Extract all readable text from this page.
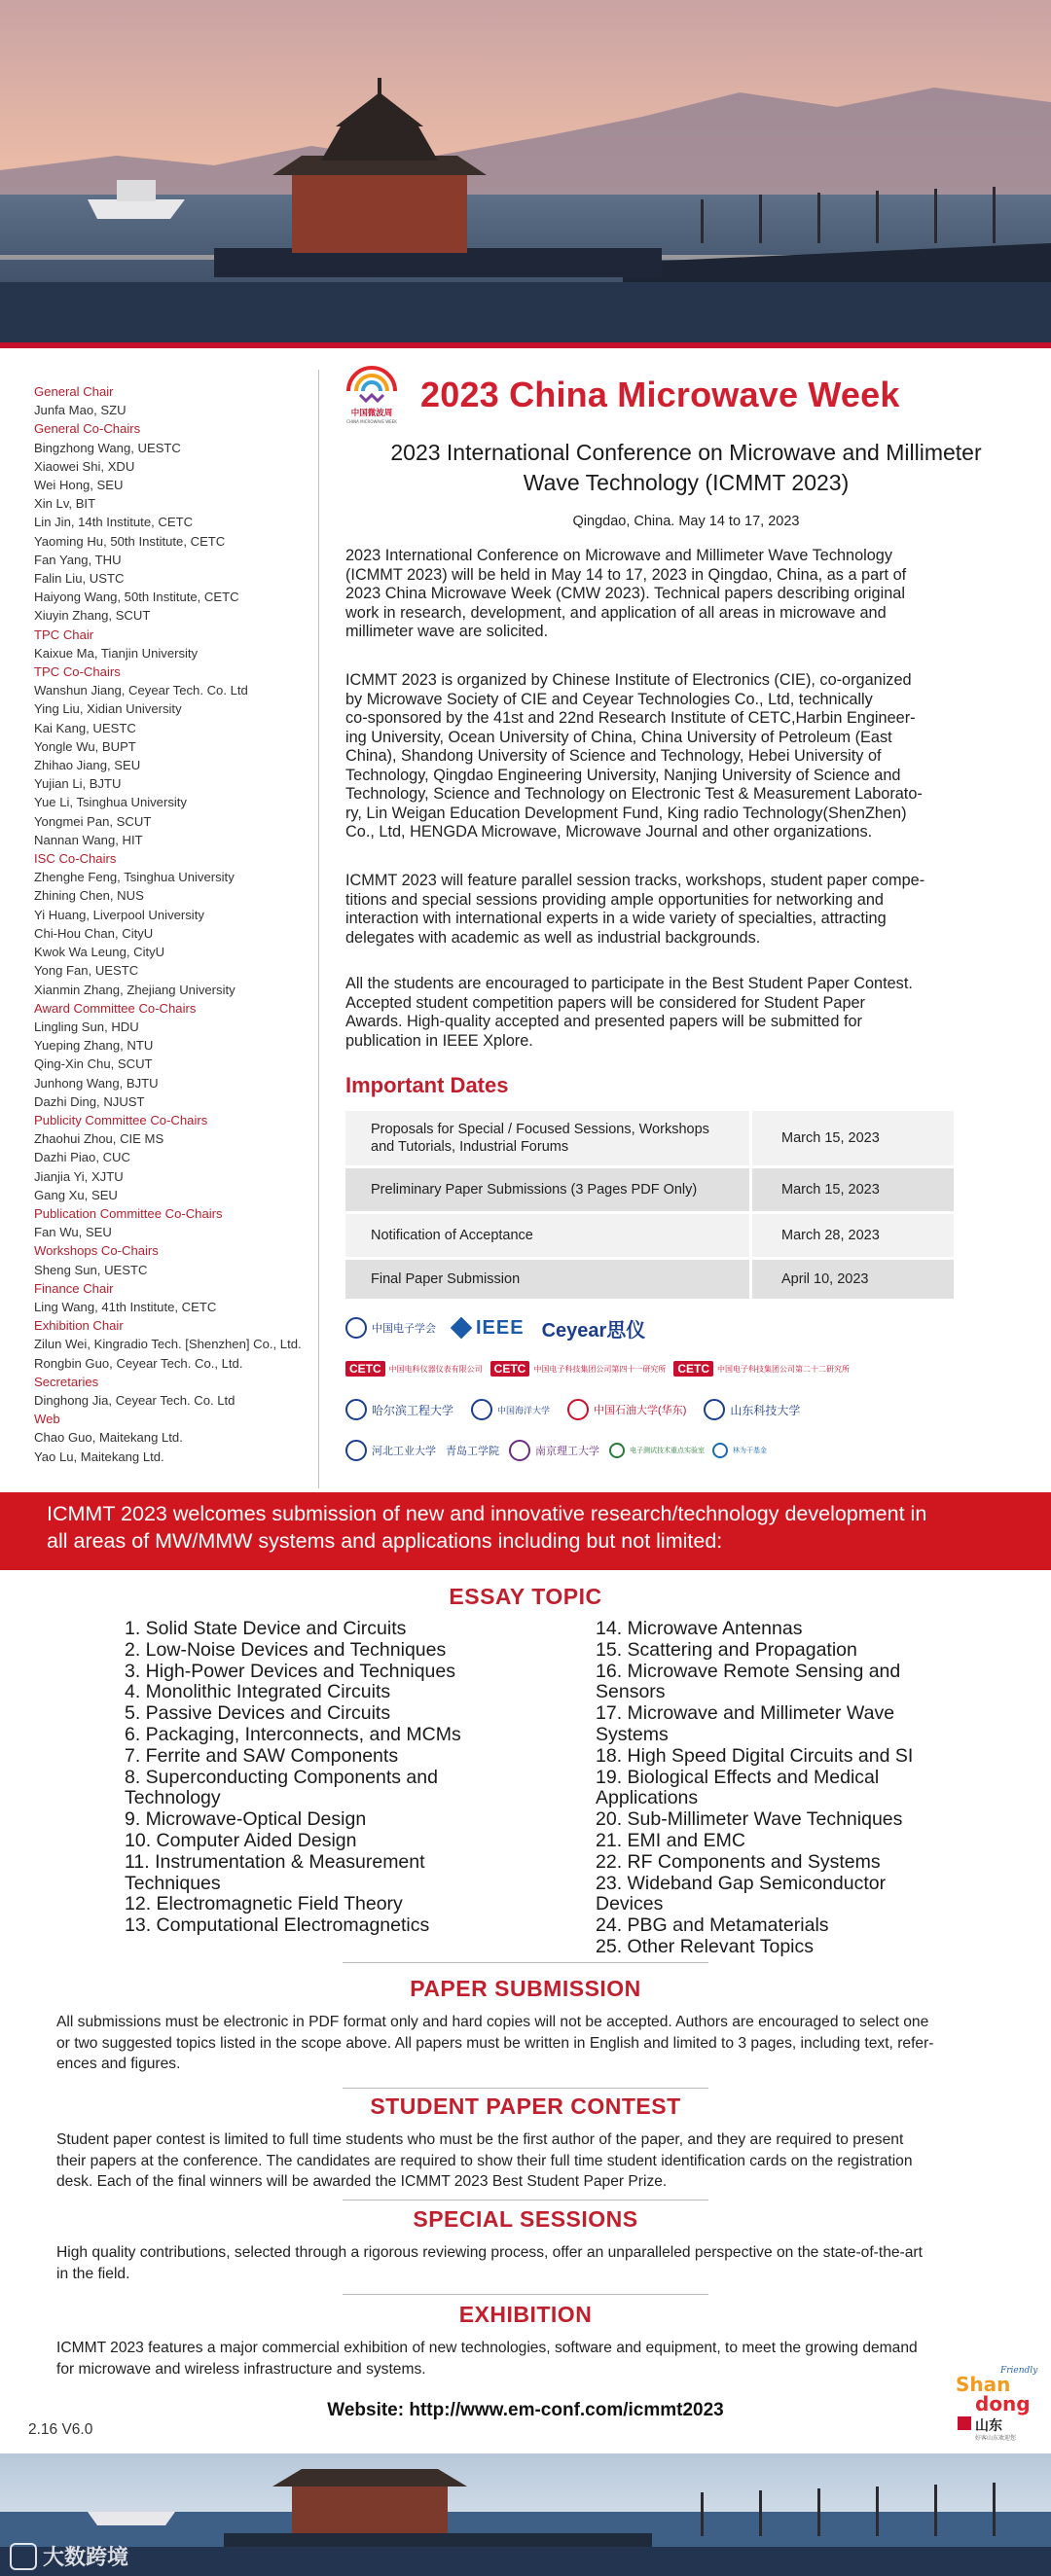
General Chair
Junfa Mao, SZU
General Co-Chairs
Bingzhong Wang, UESTC
Xiaowei Shi, XDU
Wei Hong, SEU
Xin Lv, BIT
Lin Jin, 14th Institute, CETC
Yaoming Hu, 50th Institute, CETC
Fan Yang, THU
Falin Liu, USTC
Haiyong Wang, 50th Institute, CETC
Xiuyin Zhang, SCUT
TPC Chair
Kaixue Ma, Tianjin University
TPC Co-Chairs
Wanshun Jiang, Ceyear Tech. Co. Ltd
Ying Liu, Xidian University
Kai Kang, UESTC
Yongle Wu, BUPT
Zhihao Jiang, SEU
Yujian Li, BJTU
Yue Li, Tsinghua University
Yongmei Pan, SCUT
Nannan Wang, HIT
ISC Co-Chairs
Zhenghe Feng, Tsinghua University
Zhining Chen, NUS
Yi Huang, Liverpool University
Chi-Hou Chan, CityU
Kwok Wa Leung, CityU
Yong Fan, UESTC
Xianmin Zhang, Zhejiang University
Award Committee Co-Chairs
Lingling Sun, HDU
Yueping Zhang, NTU
Qing-Xin Chu, SCUT
Junhong Wang, BJTU
Dazhi Ding, NJUST
Publicity Committee Co-Chairs
Zhaohui Zhou, CIE MS
Dazhi Piao, CUC
Jianjia Yi, XJTU
Gang Xu, SEU
Publication Committee Co-Chairs
Fan Wu, SEU
Workshops Co-Chairs
Sheng Sun, UESTC
Finance Chair
Ling Wang, 41th Institute, CETC
Exhibition Chair
Zilun Wei, Kingradio Tech. [Shenzhen] Co., Ltd.
Rongbin Guo, Ceyear Tech. Co., Ltd.
Secretaries
Dinghong Jia, Ceyear Tech. Co. Ltd
Web
Chao Guo, Maitekang Ltd.
Yao Lu, Maitekang Ltd.
中国微波周
CHINA MICROWAVE WEEK
2023 China Microwave Week
2023 International Conference on Microwave and Millimeter
Wave Technology (ICMMT 2023)
Qingdao, China. May 14 to 17, 2023
2023 International Conference on Microwave and Millimeter Wave Technology
(ICMMT 2023) will be held in May 14 to 17, 2023 in Qingdao, China, as a part of
2023 China Microwave Week (CMW 2023). Technical papers describing original
work in research, development, and application of all areas in microwave and
millimeter wave are solicited.
ICMMT 2023 is organized by Chinese Institute of Electronics (CIE), co-organized
by Microwave Society of CIE and Ceyear Technologies Co., Ltd, technically
co-sponsored by the 41st and 22nd Research Institute of CETC,Harbin Engineer-
ing University, Ocean University of China, China University of Petroleum (East
China), Shandong University of Science and Technology, Hebei University of
Technology, Qingdao Engineering University, Nanjing University of Science and
Technology, Science and Technology on Electronic Test & Measurement Laborato-
ry, Lin Weigan Education Development Fund, King radio Technology(ShenZhen)
Co., Ltd, HENGDA Microwave, Microwave Journal and other organizations.
ICMMT 2023 will feature parallel session tracks, workshops, student paper compe-
titions and special sessions providing ample opportunities for networking and
interaction with international experts in a wide variety of specialties, attracting
delegates with academic as well as industrial backgrounds.
All the students are encouraged to participate in the Best Student Paper Contest.
Accepted student competition papers will be considered for Student Paper
Awards. High-quality accepted and presented papers will be submitted for
publication in IEEE Xplore.
Important Dates
Proposals for Special / Focused Sessions, Workshops
and Tutorials, Industrial Forums
March 15, 2023
Preliminary Paper Submissions (3 Pages PDF Only)	March 15, 2023
Notification of Acceptance	March 28, 2023
Final Paper Submission	April 10, 2023
中国电子学会 IEEE Ceyear思仪
CETC	中国电科仪器仪表有限公司	CETC	中国电子科技集团公司第四十一研究所	CETC	中国电子科技集团公司第二十二研究所
哈尔滨工程大学	中国海洋大学	中国石油大学(华东)	山东科技大学
河北工业大学 青岛工学院	南京理工大学	电子测试技术重点实验室	林为干基金
ICMMT 2023 welcomes submission of new and innovative research/technology development in
all areas of MW/MMW systems and applications including but not limited:
ESSAY TOPIC
1. Solid State Device and Circuits
2. Low-Noise Devices and Techniques
3. High-Power Devices and Techniques
4. Monolithic Integrated Circuits
5. Passive Devices and Circuits
6. Packaging, Interconnects, and MCMs
7. Ferrite and SAW Components
8. Superconducting Components and
Technology
9. Microwave-Optical Design
10. Computer Aided Design
11. Instrumentation & Measurement
Techniques
12. Electromagnetic Field Theory
13. Computational Electromagnetics
14. Microwave Antennas
15. Scattering and Propagation
16. Microwave Remote Sensing and
Sensors
17. Microwave and Millimeter Wave
Systems
18. High Speed Digital Circuits and SI
19. Biological Effects and Medical
Applications
20. Sub-Millimeter Wave Techniques
21. EMI and EMC
22. RF Components and Systems
23. Wideband Gap Semiconductor
Devices
24. PBG and Metamaterials
25. Other Relevant Topics
PAPER SUBMISSION
All submissions must be electronic in PDF format only and hard copies will not be accepted. Authors are encouraged to select one
or two suggested topics listed in the scope above. All papers must be written in English and limited to 3 pages, including text, refer-
ences and figures.
STUDENT PAPER CONTEST
Student paper contest is limited to full time students who must be the first author of the paper, and they are required to present
their papers at the conference. The candidates are required to show their full time student identification cards on the registration
desk. Each of the final winners will be awarded the ICMMT 2023 Best Student Paper Prize.
SPECIAL SESSIONS
High quality contributions, selected through a rigorous reviewing process, offer an unparalleled perspective on the state-of-the-art
in the field.
EXHIBITION
ICMMT 2023 features a major commercial exhibition of new technologies, software and equipment, to meet the growing demand
for microwave and wireless infrastructure and systems.
Website: http://www.em-conf.com/icmmt2023
2.16 V6.0
Friendly
Shan
dong
山东
好客山东欢迎您
大数跨境
